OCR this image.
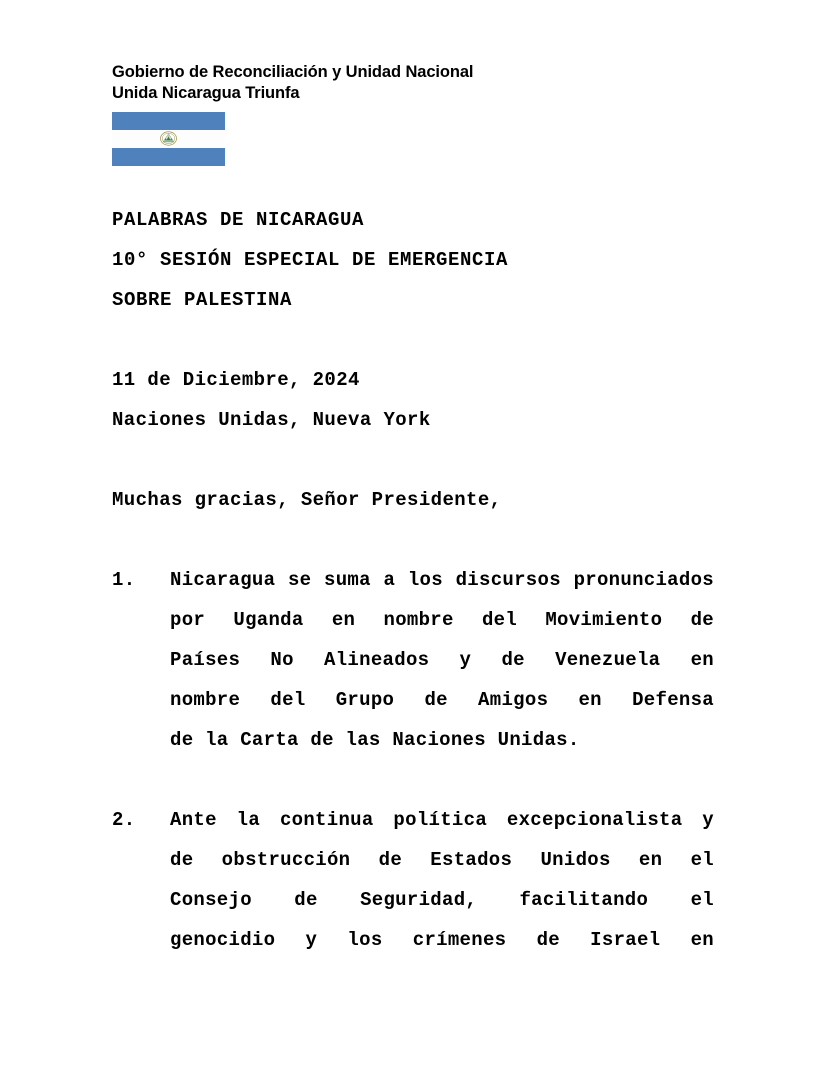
Gobierno de Reconciliación y Unidad Nacional
Unida Nicaragua Triunfa
PALABRAS DE NICARAGUA
10° SESIÓN ESPECIAL DE EMERGENCIA
SOBRE PALESTINA
11 de Diciembre, 2024
Naciones Unidas, Nueva York
Muchas gracias, Señor Presidente,
1. Nicaragua se suma a los discursos pronunciados
por Uganda en nombre del Movimiento de
Países No Alineados y de Venezuela en
nombre del Grupo de Amigos en Defensa
de la Carta de las Naciones Unidas.
2. Ante la continua política excepcionalista y
de obstrucción de Estados Unidos en el
Consejo de Seguridad, facilitando el
genocidio y los crímenes de Israel en
